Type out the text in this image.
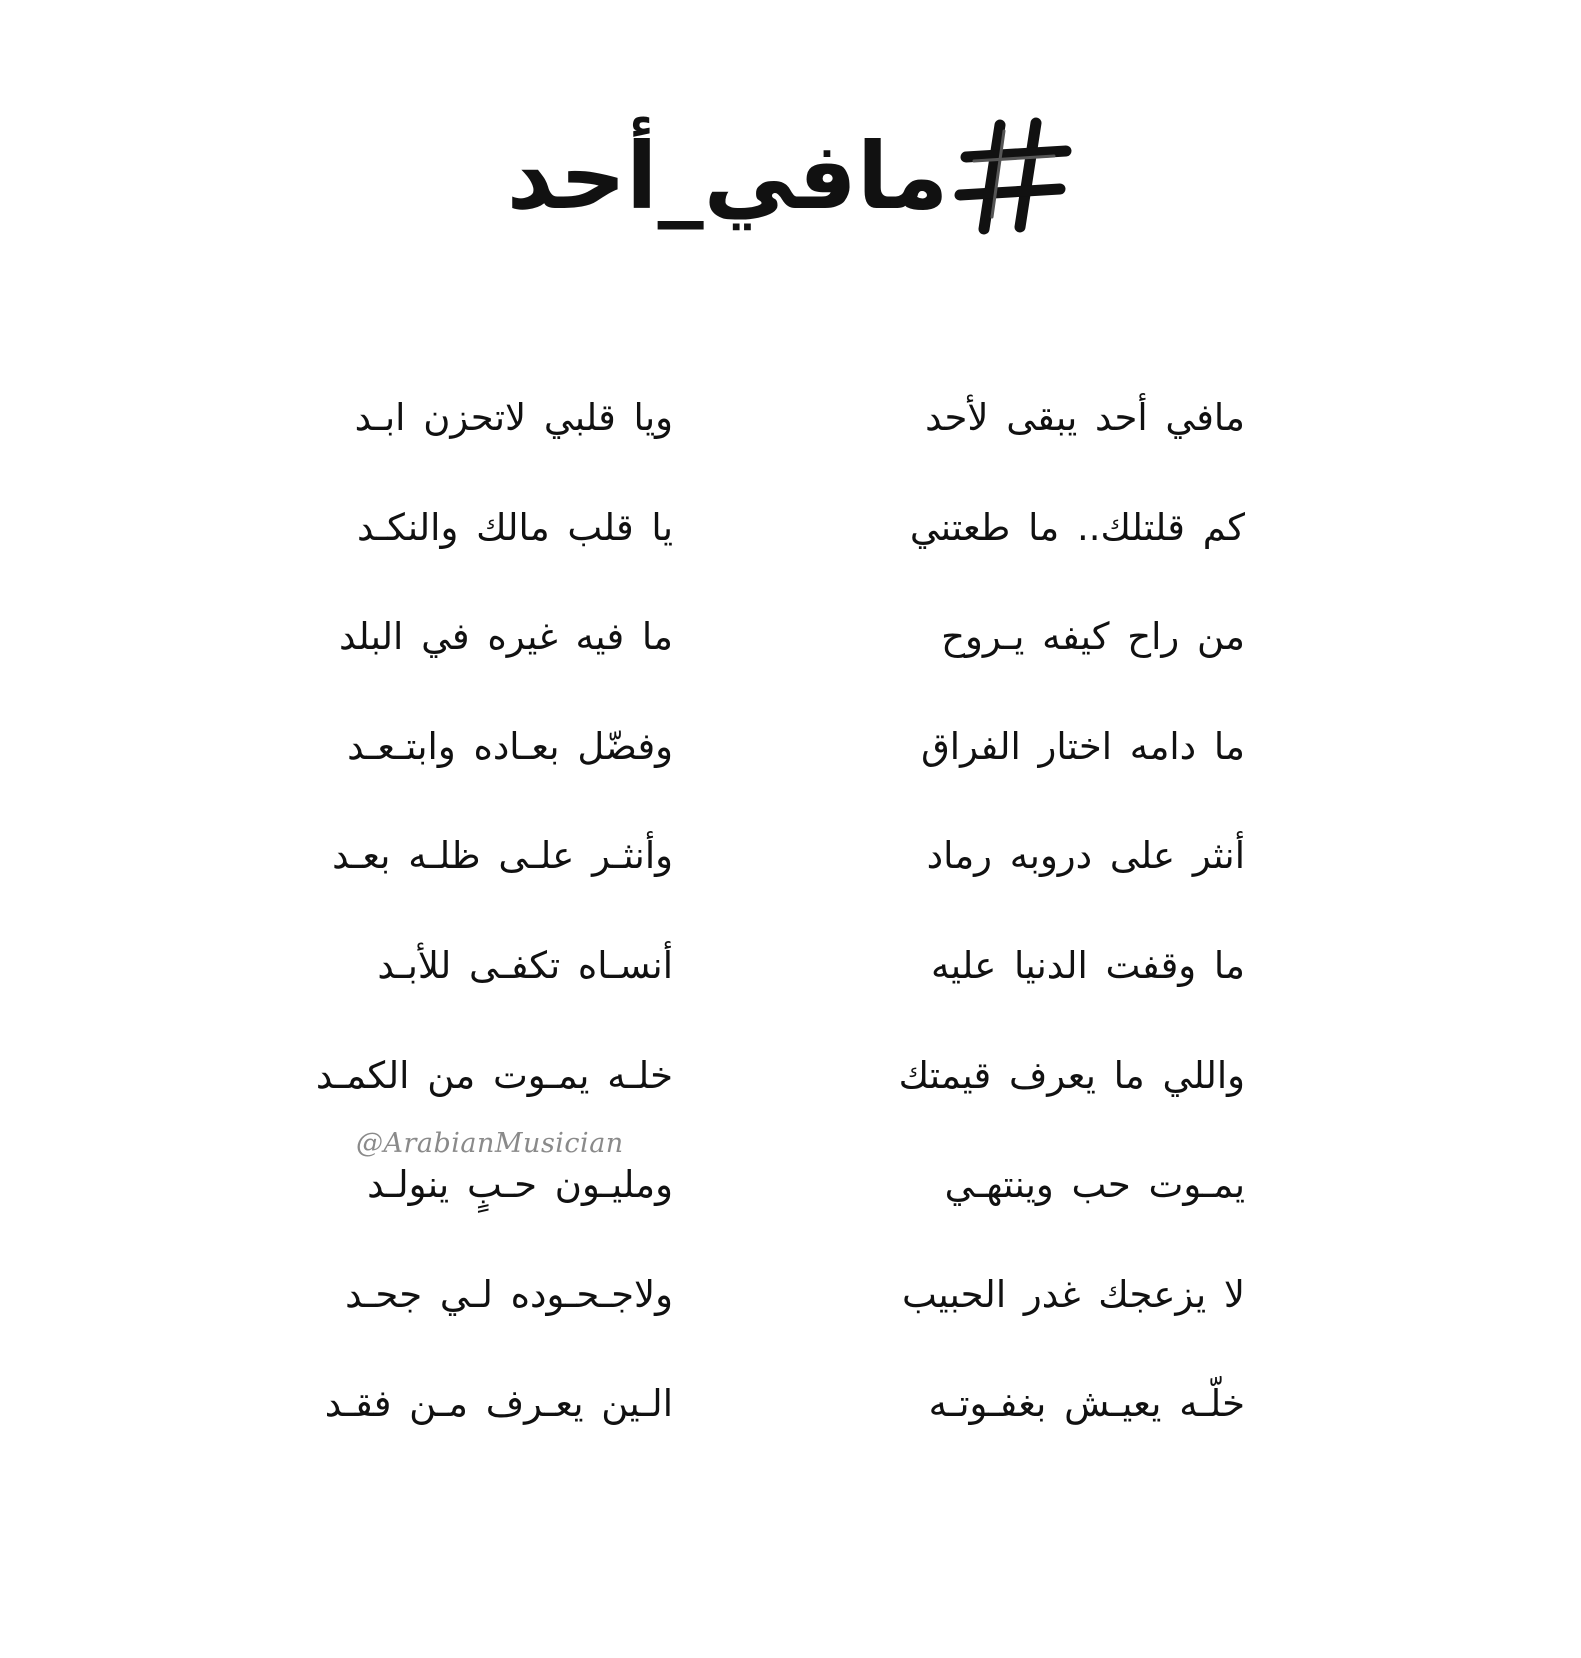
مافي_أحد
مافي أحد يبقى لأحد
ويا قلبي لاتحزن ابـد
كم قلتلك.. ما طعتني
يا قلب مالك والنكـد
من راح كيفه يـروح
ما فيه غيره في البلد
ما دامه اختار الفراق
وفضّل بعـاده وابتـعـد
أنثر على دروبه رماد
وأنثـر علـى ظلـه بعـد
ما وقفت الدنيا عليه
أنسـاه تكفـى للأبـد
واللي ما يعرف قيمتك
خلـه يمـوت من الكمـد
يمـوت حب وينتهـي
ومليـون حـبٍ ينولـد
لا يزعجك غدر الحبيب
ولاجـحـوده لـي جحـد
خلّـه يعيـش بغفـوتـه
الـين يعـرف مـن فقـد
@ArabianMusician
